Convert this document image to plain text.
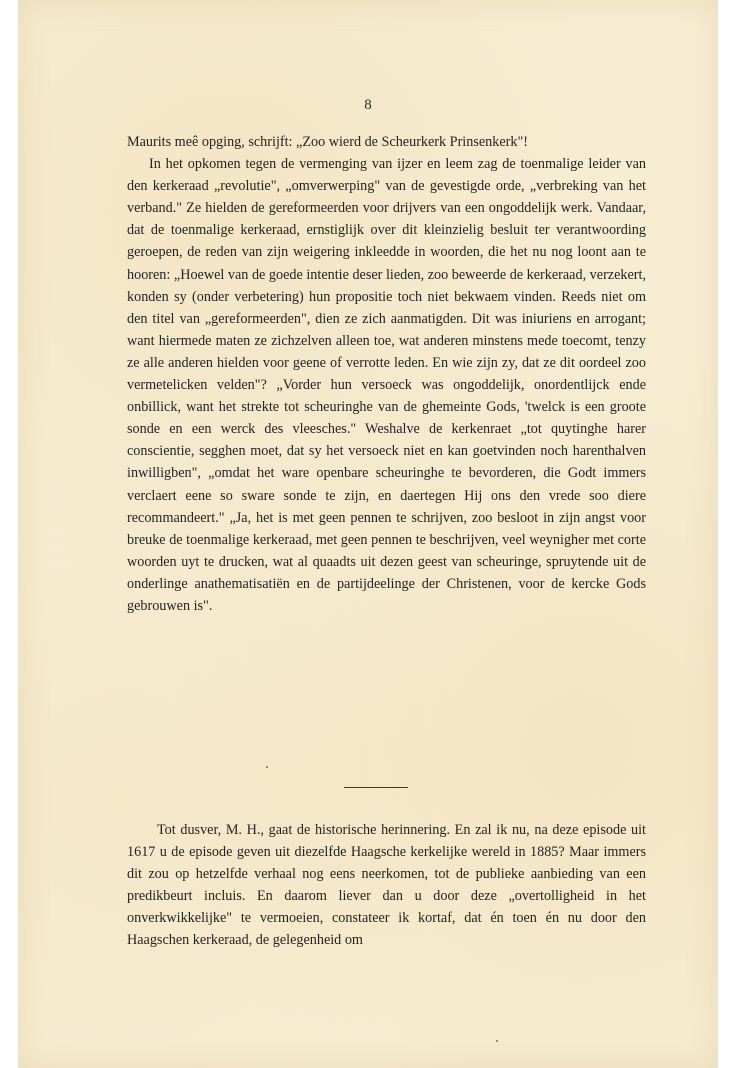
8

Maurits meê opging, schrijft: „Zoo wierd de Scheurkerk Prinsenkerk"!

In het opkomen tegen de vermenging van ijzer en leem zag de toenmalige leider van den kerkeraad „revolutie", „omverwerping" van de gevestigde orde, „verbreking van het verband." Ze hielden de gereformeerden voor drijvers van een ongoddelijk werk. Vandaar, dat de toenmalige kerkeraad, ernstiglijk over dit kleinzielig besluit ter verantwoording geroepen, de reden van zijn weigering inkleedde in woorden, die het nu nog loont aan te hooren: „Hoewel van de goede intentie deser lieden, zoo beweerde de kerkeraad, verzekert, konden sy (onder verbetering) hun propositie toch niet bekwaem vinden. Reeds niet om den titel van „gereformeerden", dien ze zich aanmatigden. Dit was iniuriens en arrogant; want hiermede maten ze zichzelven alleen toe, wat anderen minstens mede toecomt, tenzy ze alle anderen hielden voor geene of verrotte leden. En wie zijn zy, dat ze dit oordeel zoo vermetelicken velden"? „Vorder hun versoeck was ongoddelijk, onordentlijck ende onbillick, want het strekte tot scheuringhe van de ghemeinte Gods, 'twelck is een groote sonde en een werck des vleesches." Weshalve de kerkenraet „tot quytinghe harer conscientie, segghen moet, dat sy het versoeck niet en kan goetvinden noch harenthalven inwilligben", „omdat het ware openbare scheuringhe te bevorderen, die Godt immers verclaert eene so sware sonde te zijn, en daertegen Hij ons den vrede soo diere recommandeert." „Ja, het is met geen pennen te schrijven, zoo besloot in zijn angst voor breuke de toenmalige kerkeraad, met geen pennen te beschrijven, veel weynigher met corte woorden uyt te drucken, wat al quaadts uit dezen geest van scheuringe, spruytende uit de onderlinge anathematisatiën en de partijdeelinge der Christenen, voor de kercke Gods gebrouwen is".

Tot dusver, M. H., gaat de historische herinnering. En zal ik nu, na deze episode uit 1617 u de episode geven uit diezelfde Haagsche kerkelijke wereld in 1885? Maar immers dit zou op hetzelfde verhaal nog eens neerkomen, tot de publieke aanbieding van een predikbeurt incluis. En daarom liever dan u door deze „overtolligheid in het onverkwikkelijke" te vermoeien, constateer ik kortaf, dat én toen én nu door den Haagschen kerkeraad, de gelegenheid om
